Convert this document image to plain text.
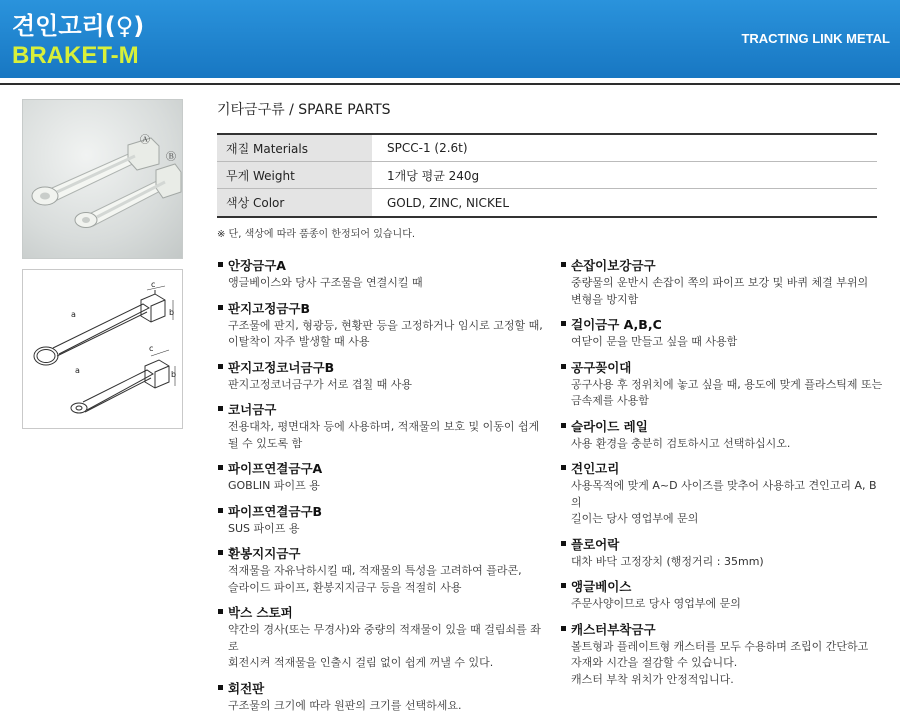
견인고리(♀)
BRAKET-M
TRACTING LINK METAL
Ⓐ
Ⓑ
a
c
b
a
c
b
기타금구류 / SPARE PARTS
재질 Materials	SPCC-1 (2.6t)
무게 Weight	1개당 평균 240g
색상 Color	GOLD, ZINC, NICKEL
※ 단, 색상에 따라 품종이 한정되어 있습니다.
안장금구A
앵글베이스와 당사 구조물을 연결시킬 때
판지고정금구B
구조물에 판지, 형광등, 현황판 등을 고정하거나 임시로 고정할 때,
이탈착이 자주 발생할 때 사용
판지고정코너금구B
판지고정코너금구가 서로 겹칠 때 사용
코너금구
전용대차, 평면대차 등에 사용하며, 적재물의 보호 및 이동이 쉽게
될 수 있도록 함
파이프연결금구A
GOBLIN 파이프 용
파이프연결금구B
SUS 파이프 용
환봉지지금구
적재물을 자유낙하시킬 때, 적재물의 특성을 고려하여 플라콘,
슬라이드 파이프, 환봉지지금구 등을 적절히 사용
박스 스토퍼
약간의 경사(또는 무경사)와 중량의 적재물이 있을 때 걸림쇠를 좌로
회전시켜 적재물을 인출시 걸림 없이 쉽게 꺼낼 수 있다.
회전판
구조물의 크기에 따라 원판의 크기를 선택하세요.
손잡이보강금구
중량물의 운반시 손잡이 쪽의 파이프 보강 및 바퀴 체결 부위의
변형을 방지함
걸이금구 A,B,C
여닫이 문을 만들고 싶을 때 사용함
공구꽂이대
공구사용 후 정위치에 놓고 싶을 때, 용도에 맞게 플라스틱제 또는
금속제를 사용함
슬라이드 레일
사용 환경을 충분히 검토하시고 선택하십시오.
견인고리
사용목적에 맞게 A~D 사이즈를 맞추어 사용하고 견인고리 A, B의
길이는 당사 영업부에 문의
플로어락
대차 바닥 고정장치 (행정거리 : 35mm)
앵글베이스
주문사양이므로 당사 영업부에 문의
캐스터부착금구
볼트형과 플레이트형 캐스터를 모두 수용하며 조립이 간단하고
자재와 시간을 절감할 수 있습니다.
캐스터 부착 위치가 안정적입니다.
